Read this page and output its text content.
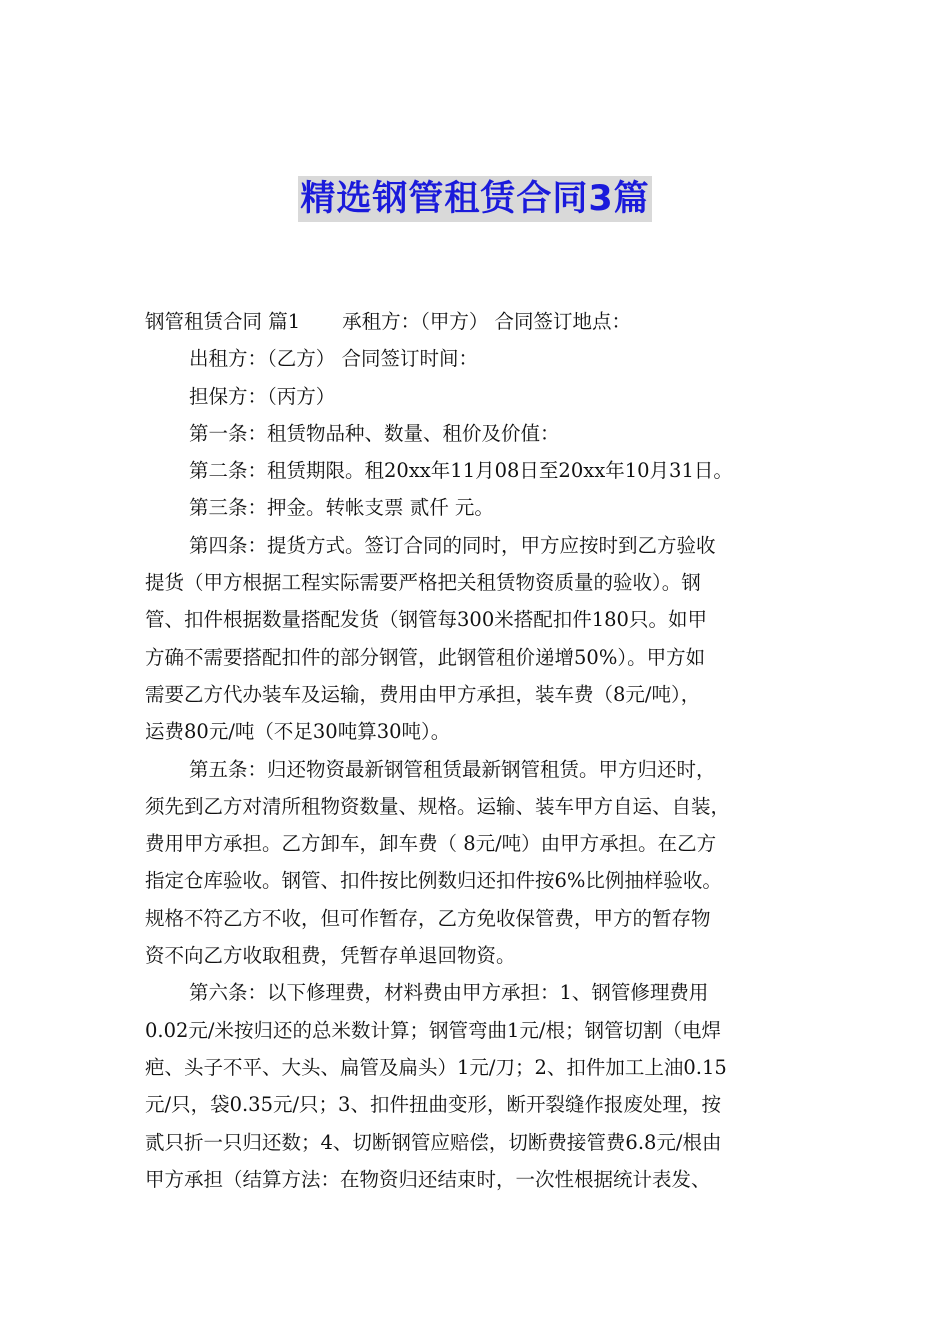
精选钢管租赁合同3篇
钢管租赁合同 篇1 承租方：（甲方） 合同签订地点：
出租方：（乙方） 合同签订时间：
担保方：（丙方）
第一条：租赁物品种、数量、租价及价值：
第二条：租赁期限。租20xx年11月08日至20xx年10月31日。
第三条：押金。转帐支票 贰仟 元。
第四条：提货方式。签订合同的同时，甲方应按时到乙方验收
提货（甲方根据工程实际需要严格把关租赁物资质量的验收）。钢
管、扣件根据数量搭配发货（钢管每300米搭配扣件180只。如甲
方确不需要搭配扣件的部分钢管，此钢管租价递增50%）。甲方如
需要乙方代办装车及运输，费用由甲方承担，装车费（8元/吨），
运费80元/吨（不足30吨算30吨）。
第五条：归还物资最新钢管租赁最新钢管租赁。甲方归还时，
须先到乙方对清所租物资数量、规格。运输、装车甲方自运、自装，
费用甲方承担。乙方卸车，卸车费（ 8元/吨）由甲方承担。在乙方
指定仓库验收。钢管、扣件按比例数归还扣件按6%比例抽样验收。
规格不符乙方不收，但可作暂存，乙方免收保管费，甲方的暂存物
资不向乙方收取租费，凭暂存单退回物资。
第六条：以下修理费，材料费由甲方承担：1、钢管修理费用
0.02元/米按归还的总米数计算；钢管弯曲1元/根；钢管切割（电焊
疤、头子不平、大头、扁管及扁头）1元/刀；2、扣件加工上油0.15
元/只，袋0.35元/只；3、扣件扭曲变形，断开裂缝作报废处理，按
贰只折一只归还数；4、切断钢管应赔偿，切断费接管费6.8元/根由
甲方承担（结算方法：在物资归还结束时，一次性根据统计表发、
